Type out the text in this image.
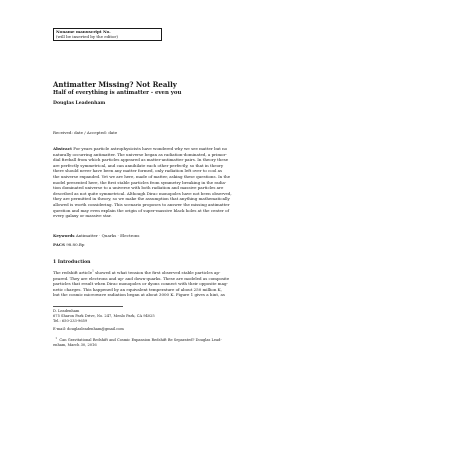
Noname manuscript No.
(will be inserted by the editor)
Antimatter Missing? Not Really
Half of everything is antimatter - even you
Douglas Leadenham
Received: date / Accepted: date
Abstract For years particle astrophysicists have wondered why we see matter but no
naturally occurring antimatter. The universe began as radiation-dominated, a primor-
dial fireball from which particles appeared as matter-antimatter pairs. In theory these
are perfectly symmetrical, and can annihilate each other perfectly, so that in theory
there should never have been any matter formed, only radiation left over to cool as
the universe expanded. Yet we are here, made of matter, asking these questions. In the
model presented here, the first stable particles from symmetry breaking in the radia-
tion dominated universe to a universe with both radiation and massive particles are
described as not quite symmetrical. Although Dirac monopoles have not been observed,
they are permitted in theory, so we make the assumption that anything mathematically
allowed is worth considering. This scenario proposes to answer the missing antimatter
question and may even explain the origin of super-massive black holes at the center of
every galaxy or massive star.
Keywords Antimatter · Quarks · Electrons
PACS 98.80.Bp
1 Introduction
The redshift article$^1$ showed at what tension the first observed stable particles ap-
peared. They are electrons and up- and down-quarks. These are modeled as composite
particles that result when Dirac monopoles or dyons connect with their opposite mag-
netic charges. This happened by an equivalent temperature of about 250 million K,
but the cosmic microwave radiation began at about 3000 K. Figure 1 gives a hint, as
D. Leadenham
675 Sharon Park Drive, No. 247, Menlo Park, CA 94025
Tel.: 650-233-9659
E-mail: douglasleadenham@gmail.com
$^1$  Can Gravitational Redshift and Cosmic Expansion Redshift Be Separated? Douglas Lead-
enham, March 30, 2016
